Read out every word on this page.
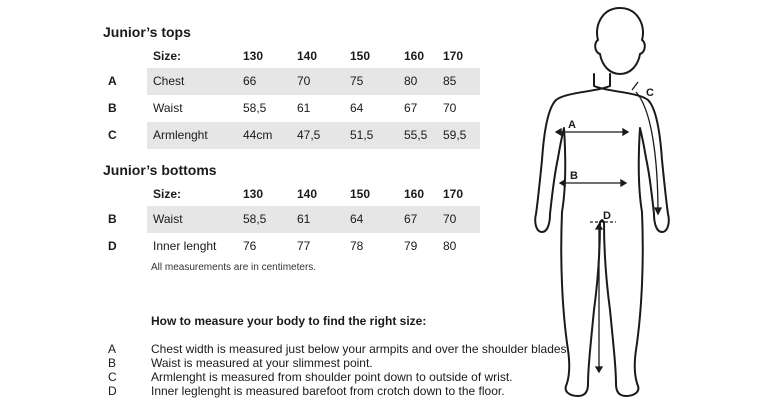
Junior’s tops
Size:	130	140	150	160 170
A	Chest	66	70	75	80 85
B	Waist	58,5	61	64	67 70
C	Armlenght	44cm 47,5 51,5	55,5 59,5
Junior’s bottoms
Size:	130	140	150	160 170
B	Waist	58,5	61	64	67 70
D	Inner lenght 76	77	78	79 80
All measurements are in centimeters.
How to measure your body to find the right size:
A	Chest width is measured just below your armpits and over the shoulder blades.
B	Waist is measured at your slimmest point.
C	Armlenght is measured from shoulder point down to outside of wrist.
D	Inner leglenght is measured barefoot from crotch down to the floor.
A
B
C
D
